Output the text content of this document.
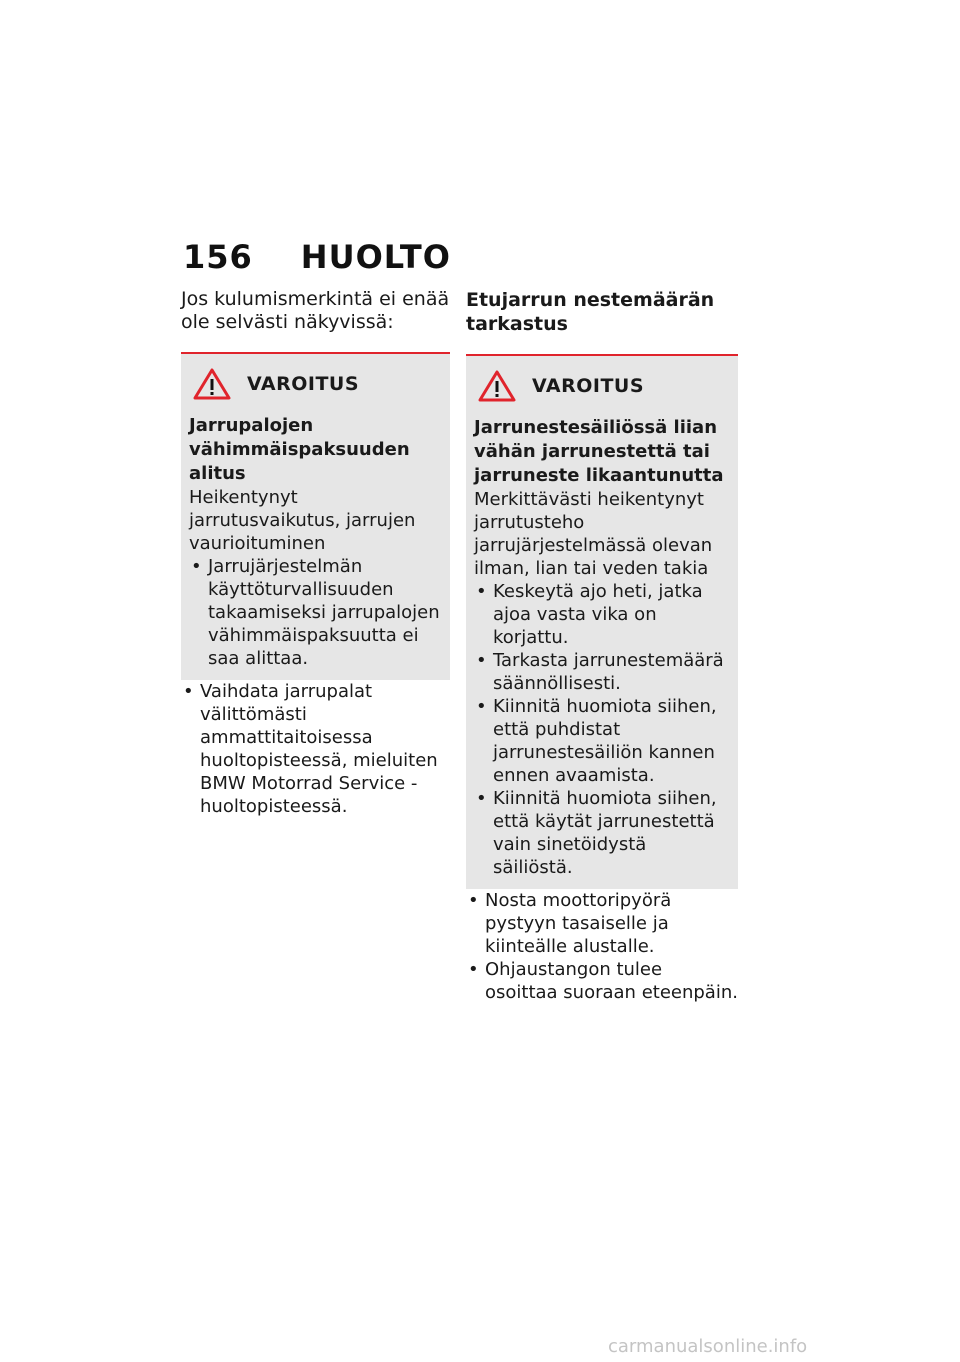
156 HUOLTO

Jos kulumismerkintä ei enää ole selvästi näkyvissä:

VAROITUS

Jarrupalojen vähimmäispaksuuden alitus

Heikentynyt jarrutusvaikutus, jarrujen vaurioituminen

• Jarrujärjestelmän käyttöturvallisuuden takaamiseksi jarrupalojen vähimmäispaksuutta ei saa alittaa.
• Vaihdata jarrupalat välittömästi ammattitaitoisessa huoltopisteessä, mieluiten BMW Motorrad Service -huoltopisteessä.

Etujarrun nestemäärän tarkastus

VAROITUS

Jarrunestesäiliössä liian vähän jarrunestettä tai jarruneste likaantunutta

Merkittävästi heikentynyt jarrutusteho jarrujärjestelmässä olevan ilman, lian tai veden takia

• Keskeytä ajo heti, jatka ajoa vasta vika on korjattu.
• Tarkasta jarrunestemäärä säännöllisesti.
• Kiinnitä huomiota siihen, että puhdistat jarrunestesäiliön kannen ennen avaamista.
• Kiinnitä huomiota siihen, että käytät jarrunestettä vain sinetöidystä säiliöstä.
• Nosta moottoripyörä pystyyn tasaiselle ja kiinteälle alustalle.
• Ohjaustangon tulee osoittaa suoraan eteenpäin.
carmanualsonline.info
